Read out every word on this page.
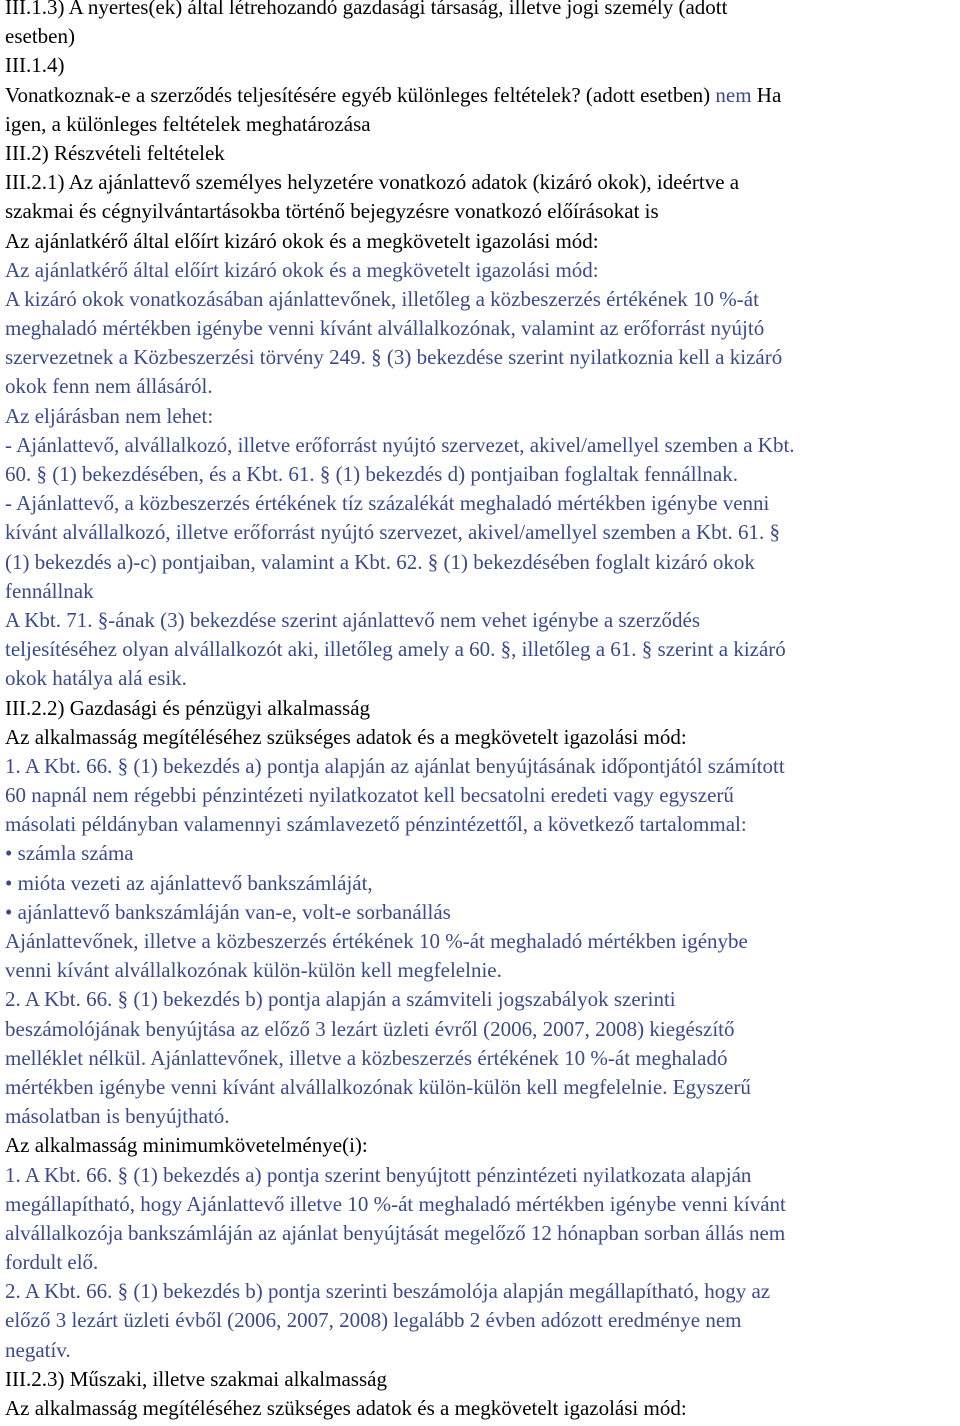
III.1.3) A nyertes(ek) által létrehozandó gazdasági társaság, illetve jogi személy (adott
esetben)
III.1.4)
Vonatkoznak-e a szerződés teljesítésére egyéb különleges feltételek? (adott esetben) nem Ha
igen, a különleges feltételek meghatározása
III.2) Részvételi feltételek
III.2.1) Az ajánlattevő személyes helyzetére vonatkozó adatok (kizáró okok), ideértve a
szakmai és cégnyilvántartásokba történő bejegyzésre vonatkozó előírásokat is
Az ajánlatkérő által előírt kizáró okok és a megkövetelt igazolási mód:
Az ajánlatkérő által előírt kizáró okok és a megkövetelt igazolási mód:
A kizáró okok vonatkozásában ajánlattevőnek, illetőleg a közbeszerzés értékének 10 %-át
meghaladó mértékben igénybe venni kívánt alvállalkozónak, valamint az erőforrást nyújtó
szervezetnek a Közbeszerzési törvény 249. § (3) bekezdése szerint nyilatkoznia kell a kizáró
okok fenn nem állásáról.
Az eljárásban nem lehet:
- Ajánlattevő, alvállalkozó, illetve erőforrást nyújtó szervezet, akivel/amellyel szemben a Kbt.
60. § (1) bekezdésében, és a Kbt. 61. § (1) bekezdés d) pontjaiban foglaltak fennállnak.
- Ajánlattevő, a közbeszerzés értékének tíz százalékát meghaladó mértékben igénybe venni
kívánt alvállalkozó, illetve erőforrást nyújtó szervezet, akivel/amellyel szemben a Kbt. 61. §
(1) bekezdés a)-c) pontjaiban, valamint a Kbt. 62. § (1) bekezdésében foglalt kizáró okok
fennállnak
A Kbt. 71. §-ának (3) bekezdése szerint ajánlattevő nem vehet igénybe a szerződés
teljesítéséhez olyan alvállalkozót aki, illetőleg amely a 60. §, illetőleg a 61. § szerint a kizáró
okok hatálya alá esik.
III.2.2) Gazdasági és pénzügyi alkalmasság
Az alkalmasság megítéléséhez szükséges adatok és a megkövetelt igazolási mód:
1. A Kbt. 66. § (1) bekezdés a) pontja alapján az ajánlat benyújtásának időpontjától számított
60 napnál nem régebbi pénzintézeti nyilatkozatot kell becsatolni eredeti vagy egyszerű
másolati példányban valamennyi számlavezető pénzintézettől, a következő tartalommal:
• számla száma
• mióta vezeti az ajánlattevő bankszámláját,
• ajánlattevő bankszámláján van-e, volt-e sorbanállás
Ajánlattevőnek, illetve a közbeszerzés értékének 10 %-át meghaladó mértékben igénybe
venni kívánt alvállalkozónak külön-külön kell megfelelnie.
2. A Kbt. 66. § (1) bekezdés b) pontja alapján a számviteli jogszabályok szerinti
beszámolójának benyújtása az előző 3 lezárt üzleti évről (2006, 2007, 2008) kiegészítő
melléklet nélkül. Ajánlattevőnek, illetve a közbeszerzés értékének 10 %-át meghaladó
mértékben igénybe venni kívánt alvállalkozónak külön-külön kell megfelelnie. Egyszerű
másolatban is benyújtható.
Az alkalmasság minimumkövetelménye(i):
1. A Kbt. 66. § (1) bekezdés a) pontja szerint benyújtott pénzintézeti nyilatkozata alapján
megállapítható, hogy Ajánlattevő illetve 10 %-át meghaladó mértékben igénybe venni kívánt
alvállalkozója bankszámláján az ajánlat benyújtását megelőző 12 hónapban sorban állás nem
fordult elő.
2. A Kbt. 66. § (1) bekezdés b) pontja szerinti beszámolója alapján megállapítható, hogy az
előző 3 lezárt üzleti évből (2006, 2007, 2008) legalább 2 évben adózott eredménye nem
negatív.
III.2.3) Műszaki, illetve szakmai alkalmasság
Az alkalmasság megítéléséhez szükséges adatok és a megkövetelt igazolási mód:
